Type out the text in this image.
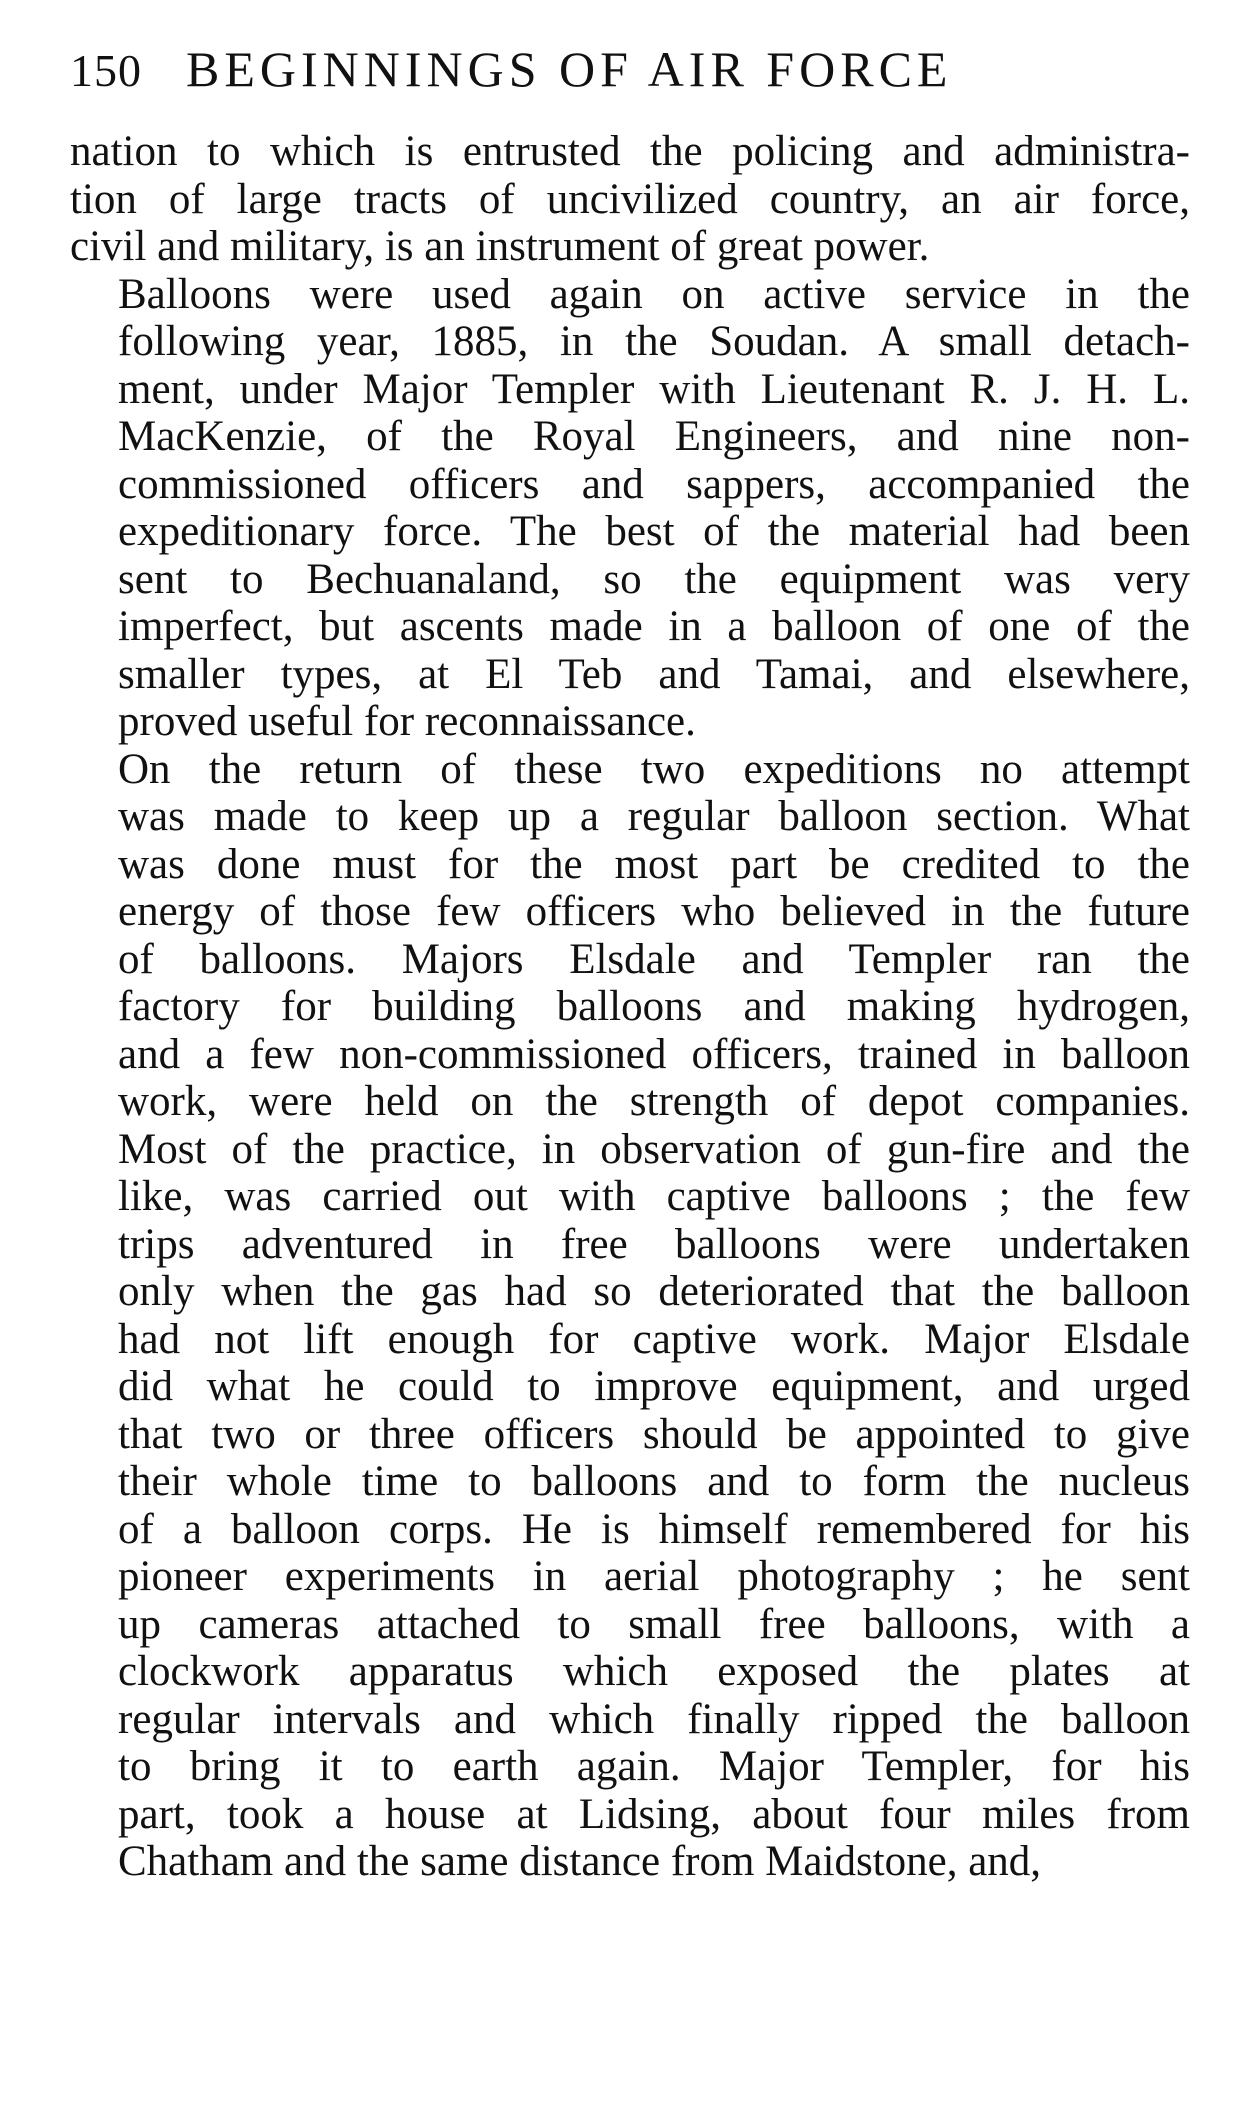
150 BEGINNINGS OF AIR FORCE

nation to which is entrusted the policing and administra-
tion of large tracts of uncivilized country, an air force,
civil and military, is an instrument of great power.

Balloons were used again on active service in the
following year, 1885, in the Soudan. A small detach-
ment, under Major Templer with Lieutenant R. J. H. L.
MacKenzie, of the Royal Engineers, and nine non-
commissioned officers and sappers, accompanied the
expeditionary force. The best of the material had been
sent to Bechuanaland, so the equipment was very
imperfect, but ascents made in a balloon of one of the
smaller types, at El Teb and Tamai, and elsewhere,
proved useful for reconnaissance.

On the return of these two expeditions no attempt
was made to keep up a regular balloon section. What
was done must for the most part be credited to the
energy of those few officers who believed in the future
of balloons. Majors Elsdale and Templer ran the
factory for building balloons and making hydrogen,
and a few non-commissioned officers, trained in balloon
work, were held on the strength of depot companies.
Most of the practice, in observation of gun-fire and the
like, was carried out with captive balloons ; the few
trips adventured in free balloons were undertaken
only when the gas had so deteriorated that the balloon
had not lift enough for captive work. Major Elsdale
did what he could to improve equipment, and urged
that two or three officers should be appointed to give
their whole time to balloons and to form the nucleus
of a balloon corps. He is himself remembered for his
pioneer experiments in aerial photography ; he sent
up cameras attached to small free balloons, with a
clockwork apparatus which exposed the plates at
regular intervals and which finally ripped the balloon
to bring it to earth again. Major Templer, for his
part, took a house at Lidsing, about four miles from
Chatham and the same distance from Maidstone, and,
